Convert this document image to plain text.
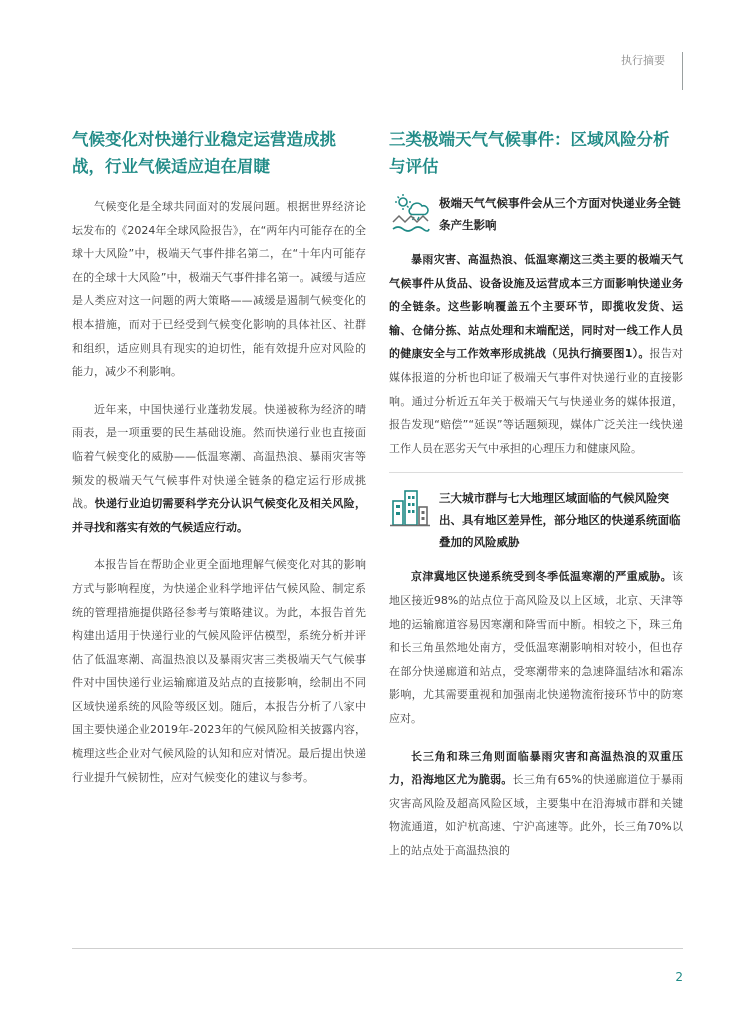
执行摘要
气候变化对快递行业稳定运营造成挑战，行业气候适应迫在眉睫

气候变化是全球共同面对的发展问题。根据世界经济论坛发布的《2024年全球风险报告》，在“两年内可能存在的全球十大风险”中，极端天气事件排名第二，在“十年内可能存在的全球十大风险”中，极端天气事件排名第一。减缓与适应是人类应对这一问题的两大策略——减缓是遏制气候变化的根本措施，而对于已经受到气候变化影响的具体社区、社群和组织，适应则具有现实的迫切性，能有效提升应对风险的能力，减少不利影响。

近年来，中国快递行业蓬勃发展。快递被称为经济的晴雨表，是一项重要的民生基础设施。然而快递行业也直接面临着气候变化的威胁——低温寒潮、高温热浪、暴雨灾害等频发的极端天气气候事件对快递全链条的稳定运行形成挑战。快递行业迫切需要科学充分认识气候变化及相关风险，并寻找和落实有效的气候适应行动。

本报告旨在帮助企业更全面地理解气候变化对其的影响方式与影响程度，为快递企业科学地评估气候风险、制定系统的管理措施提供路径参考与策略建议。为此，本报告首先构建出适用于快递行业的气候风险评估模型，系统分析并评估了低温寒潮、高温热浪以及暴雨灾害三类极端天气气候事件对中国快递行业运输廊道及站点的直接影响，绘制出不同区域快递系统的风险等级区划。随后，本报告分析了八家中国主要快递企业2019年-2023年的气候风险相关披露内容，梳理这些企业对气候风险的认知和应对情况。最后提出快递行业提升气候韧性，应对气候变化的建议与参考。

三类极端天气气候事件：区域风险分析与评估
极端天气气候事件会从三个方面对快递业务全链条产生影响

暴雨灾害、高温热浪、低温寒潮这三类主要的极端天气气候事件从货品、设备设施及运营成本三方面影响快递业务的全链条。这些影响覆盖五个主要环节，即揽收发货、运输、仓储分拣、站点处理和末端配送，同时对一线工作人员的健康安全与工作效率形成挑战（见执行摘要图1）。报告对媒体报道的分析也印证了极端天气事件对快递行业的直接影响。通过分析近五年关于极端天气与快递业务的媒体报道，报告发现“赔偿”“延误”等话题频现，媒体广泛关注一线快递工作人员在恶劣天气中承担的心理压力和健康风险。

三大城市群与七大地理区域面临的气候风险突出、具有地区差异性，部分地区的快递系统面临叠加的风险威胁

京津冀地区快递系统受到冬季低温寒潮的严重威胁。该地区接近98%的站点位于高风险及以上区域，北京、天津等地的运输廊道容易因寒潮和降雪而中断。相较之下，珠三角和长三角虽然地处南方，受低温寒潮影响相对较小，但也存在部分快递廊道和站点，受寒潮带来的急速降温结冰和霜冻影响，尤其需要重视和加强南北快递物流衔接环节中的防寒应对。

长三角和珠三角则面临暴雨灾害和高温热浪的双重压力，沿海地区尤为脆弱。长三角有65%的快递廊道位于暴雨灾害高风险及超高风险区域，主要集中在沿海城市群和关键物流通道，如沪杭高速、宁沪高速等。此外，长三角70%以上的站点处于高温热浪的

2
